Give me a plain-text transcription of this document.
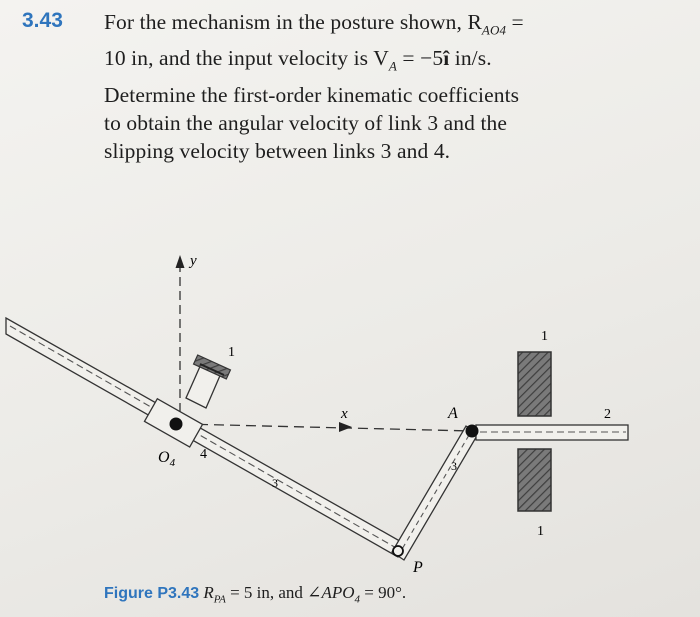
3.43 For the mechanism in the posture shown, $R_{AO4}$ =
10 in, and the input velocity is $V_A$ = −5î in/s.
Determine the first-order kinematic coefficients
to obtain the angular velocity of link 3 and the
slipping velocity between links 3 and 4.
y
x
1
$O_4$
4
3
3
A
P
1
1
2
Figure P3.43 $R_{PA} = 5$ in, and $\angle APO_4 = 90^\circ$.
